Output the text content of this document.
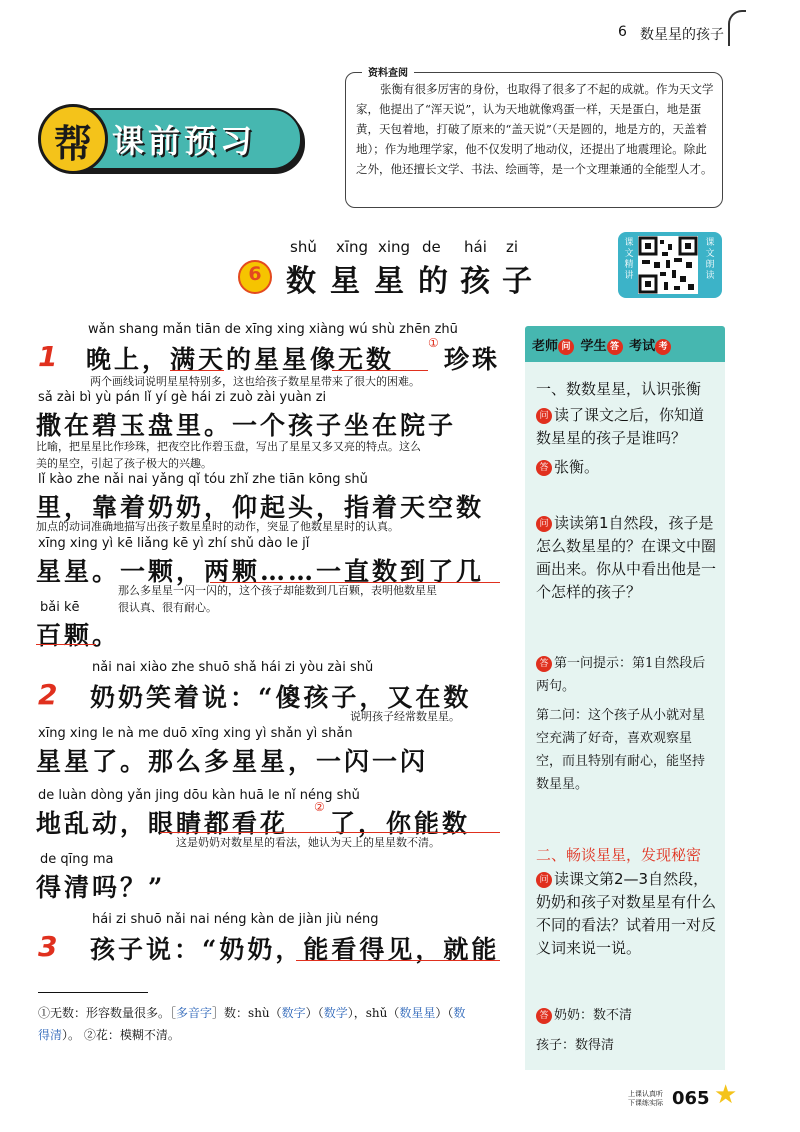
6 数星星的孩子
资料查阅
张衡有很多厉害的身份，也取得了很多了不起的成就。作为天文学家，他提出了“浑天说”，认为天地就像鸡蛋一样，天是蛋白，地是蛋黄，天包着地，打破了原来的“盖天说”（天是圆的，地是方的，天盖着地）；作为地理学家，他不仅发明了地动仪，还提出了地震理论。除此之外，他还擅长文学、书法、绘画等，是一个文理兼通的全能型人才。
帮 课前预习
shǔ xīng xing de hái zi
6 数 星 星 的 孩 子
课文精讲
课文朗读
1
wǎn shang mǎn tiān de xīng xing xiàng wú shù zhēn zhū
晚上，满天的星星像无数
①
珍珠
两个画线词说明星星特别多，这也给孩子数星星带来了很大的困难。
sǎ zài bì yù pán lǐ yí gè hái zi zuò zài yuàn zi
撒在碧玉盘里。一个孩子坐在院子
比喻，把星星比作珍珠，把夜空比作碧玉盘，写出了星星又多又亮的特点。这么
美的星空，引起了孩子极大的兴趣。
lǐ kào zhe nǎi nai yǎng qǐ tóu zhǐ zhe tiān kōng shǔ
里，靠着奶奶，仰起头，指着天空数
加点的动词准确地描写出孩子数星星时的动作，突显了他数星星时的认真。
xīng xing yì kē liǎng kē yì zhí shǔ dào le jǐ
星星。一颗，两颗……一直数到了几
那么多星星一闪一闪的，这个孩子却能数到几百颗，表明他数星星
很认真、很有耐心。
bǎi kē
百颗。
2
nǎi nai xiào zhe shuō shǎ hái zi yòu zài shǔ
奶奶笑着说：“傻孩子，又在数
说明孩子经常数星星。
xīng xing le nà me duō xīng xing yì shǎn yì shǎn
星星了。那么多星星，一闪一闪
de luàn dòng yǎn jing dōu kàn huā le nǐ néng shǔ
地乱动，眼睛都看花
②
了，你能数
这是奶奶对数星星的看法，她认为天上的星星数不清。
de qīng ma
得清吗？”
3
hái zi shuō nǎi nai néng kàn de jiàn jiù néng
孩子说：“奶奶，能看得见，就能
①无数：形容数量很多。［多音字］数：shù（数字）（数学），shǔ（数星星）（数
得清）。 ②花：模糊不清。
老师 问 学生 答 考试 考
一、数数星星，认识张衡
问 读了课文之后，你知道数星星的孩子是谁吗？
答 张衡。
问 读读第1自然段，孩子是怎么数星星的？在课文中圈画出来。你从中看出他是一个怎样的孩子？
答 第一问提示：第1自然段后两句。
第二问：这个孩子从小就对星空充满了好奇，喜欢观察星空，而且特别有耐心，能坚持数星星。
二、畅谈星星，发现秘密
问 读课文第2—3自然段，奶奶和孩子对数星星有什么不同的看法？试着用一对反义词来说一说。
答 奶奶：数不清
孩子：数得清
上课认真听 下课练实际 065 ★
